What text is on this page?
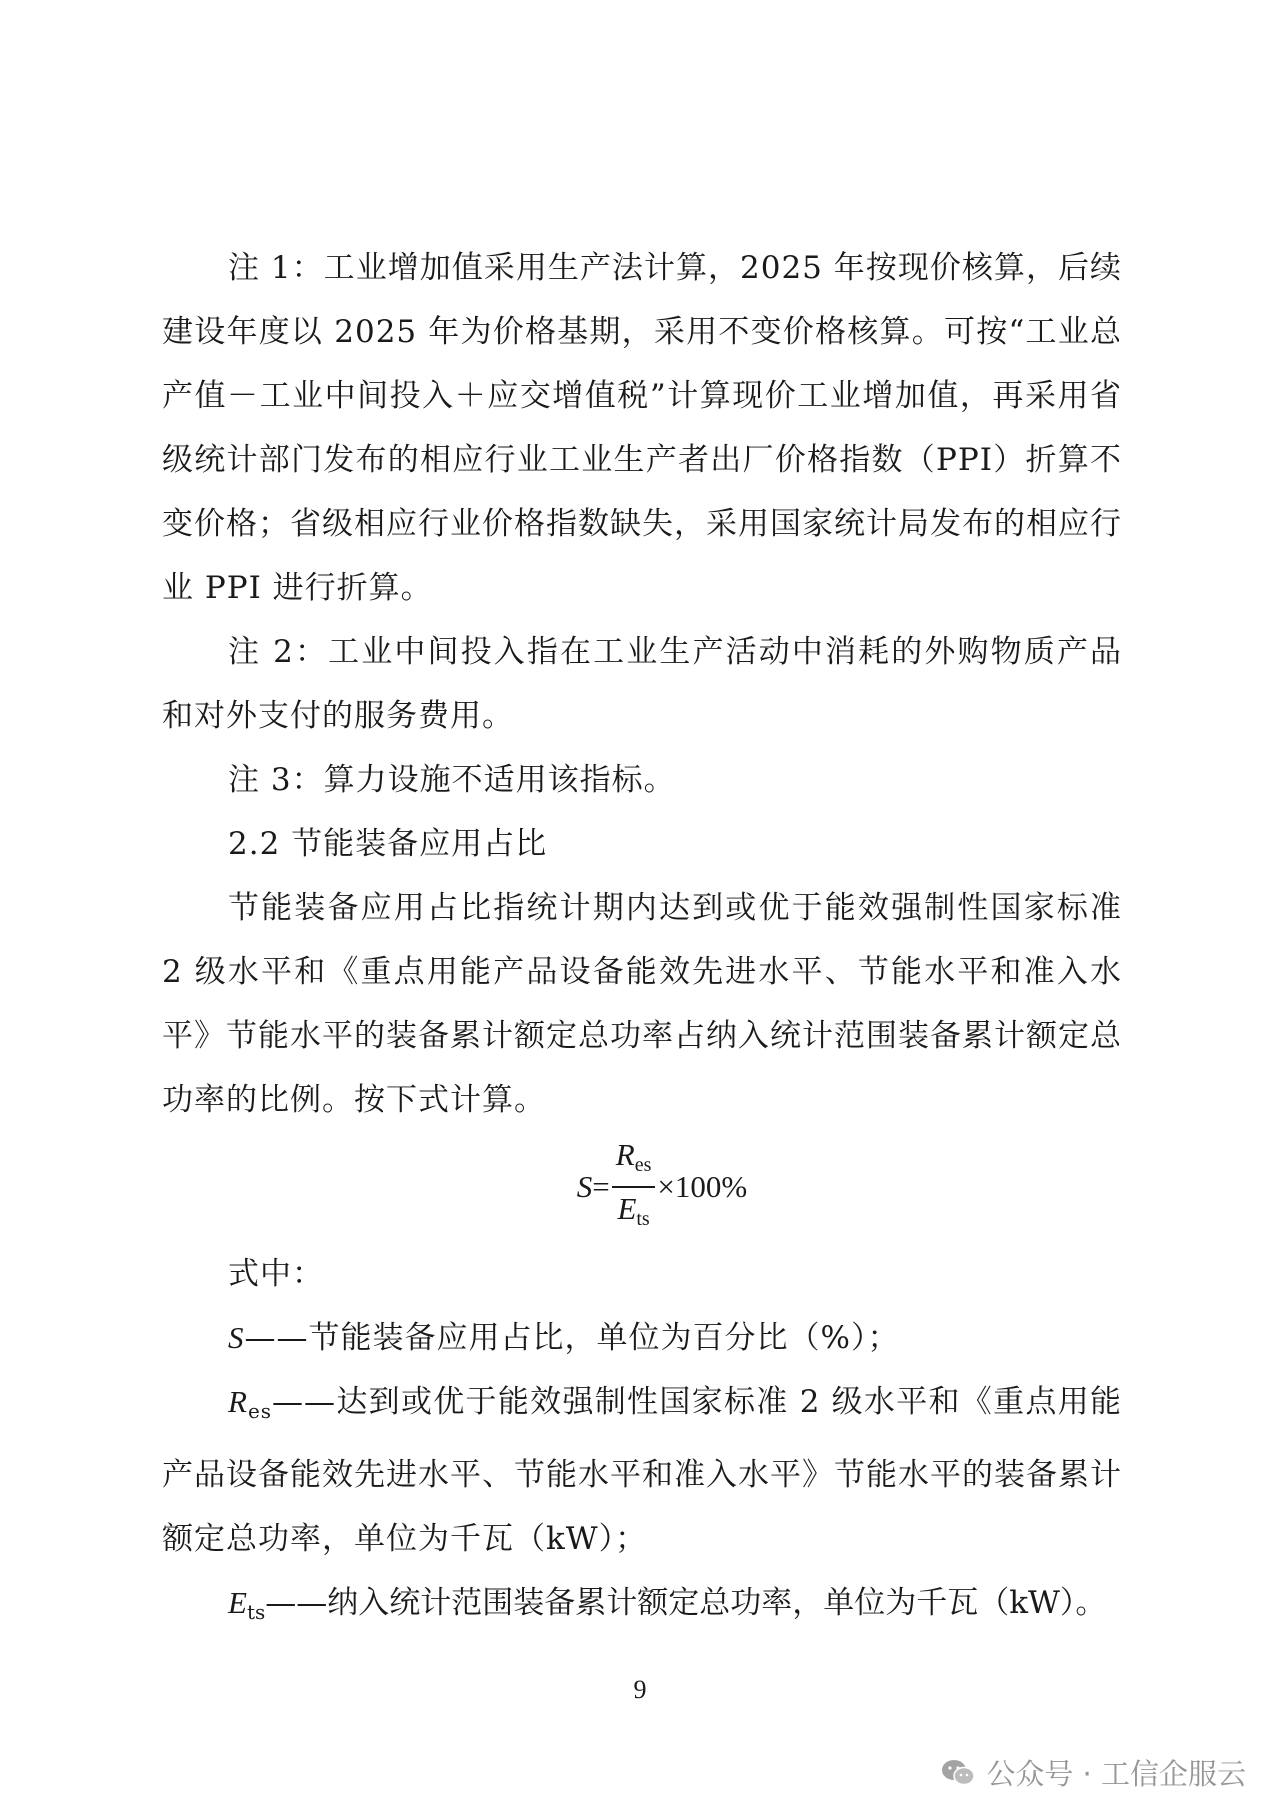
注 1：工业增加值采用生产法计算，2025 年按现价核算，后续建设年度以 2025 年为价格基期，采用不变价格核算。可按“工业总产值－工业中间投入＋应交增值税”计算现价工业增加值，再采用省级统计部门发布的相应行业工业生产者出厂价格指数（PPI）折算不变价格；省级相应行业价格指数缺失，采用国家统计局发布的相应行业 PPI 进行折算。

注 2：工业中间投入指在工业生产活动中消耗的外购物质产品和对外支付的服务费用。

注 3：算力设施不适用该指标。

2.2 节能装备应用占比

节能装备应用占比指统计期内达到或优于能效强制性国家标准 2 级水平和《重点用能产品设备能效先进水平、节能水平和准入水平》节能水平的装备累计额定总功率占纳入统计范围装备累计额定总功率的比例。按下式计算。

$S = \frac{R_{es}}{E_{ts}} \times 100\%$

式中：

S——节能装备应用占比，单位为百分比（%）；

$R_{es}——$达到或优于能效强制性国家标准 2 级水平和《重点用能产品设备能效先进水平、节能水平和准入水平》节能水平的装备累计额定总功率，单位为千瓦（kW）；

$E_{ts}——$纳入统计范围装备累计额定总功率，单位为千瓦（kW）。

9
公众号 · 工信企服云
